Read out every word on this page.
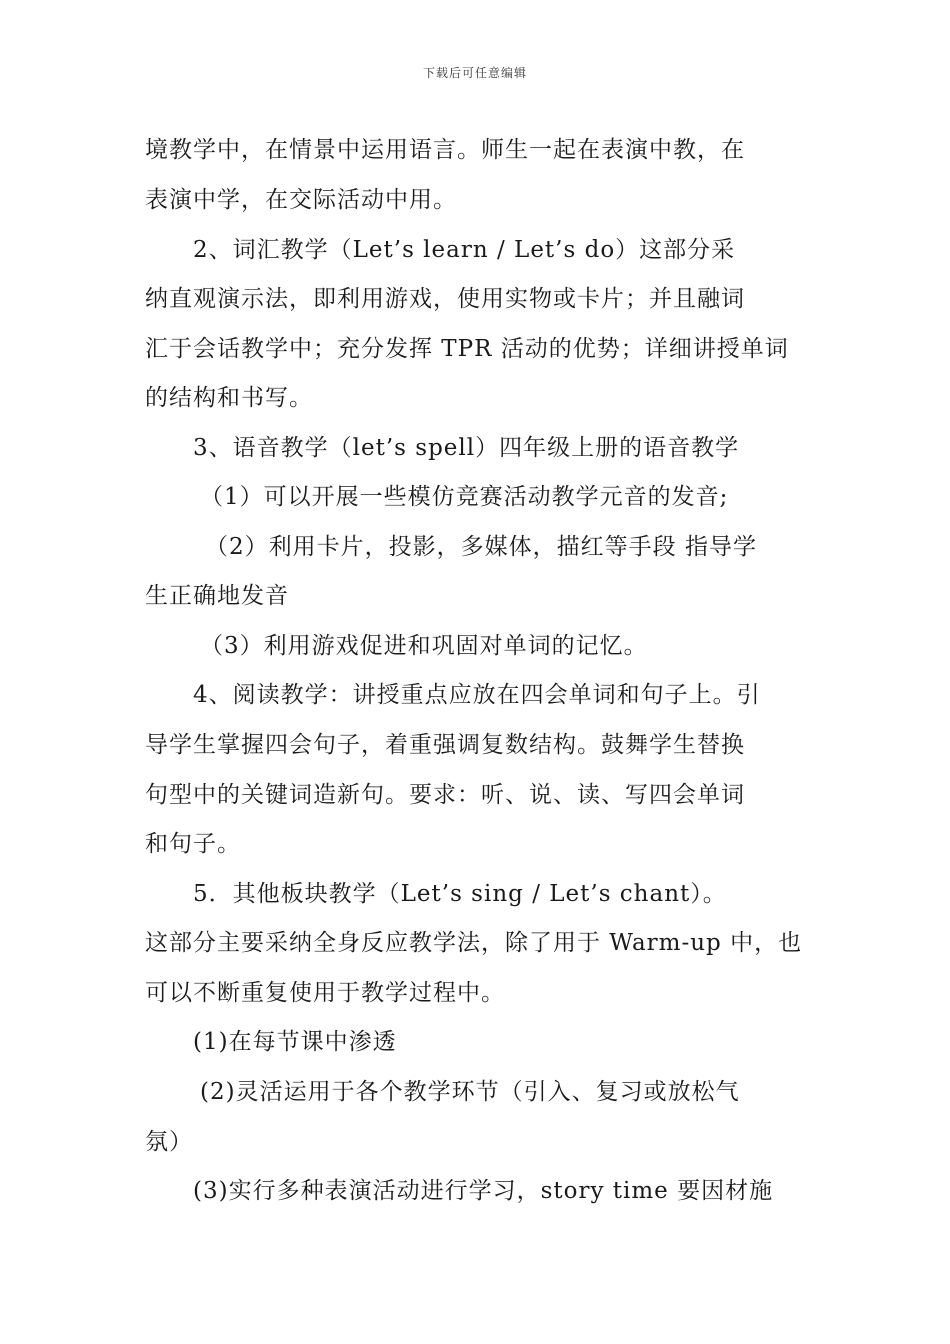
下载后可任意编辑
境教学中，在情景中运用语言。师生一起在表演中教，在
表演中学，在交际活动中用。
2、词汇教学（Let’s learn / Let’s do）这部分采
纳直观演示法，即利用游戏，使用实物或卡片；并且融词
汇于会话教学中；充分发挥 TPR 活动的优势；详细讲授单词
的结构和书写。
3、语音教学（let’s spell）四年级上册的语音教学
（1）可以开展一些模仿竞赛活动教学元音的发音;
（2）利用卡片，投影，多媒体，描红等手段 指导学
生正确地发音
（3）利用游戏促进和巩固对单词的记忆。
4、阅读教学：讲授重点应放在四会单词和句子上。引
导学生掌握四会句子，着重强调复数结构。鼓舞学生替换
句型中的关键词造新句。要求：听、说、读、写四会单词
和句子。
5．其他板块教学（Let’s sing / Let’s chant）。
这部分主要采纳全身反应教学法，除了用于 Warm-up 中，也
可以不断重复使用于教学过程中。
(1)在每节课中渗透
(2)灵活运用于各个教学环节（引入、复习或放松气
氛）
(3)实行多种表演活动进行学习，story time 要因材施
